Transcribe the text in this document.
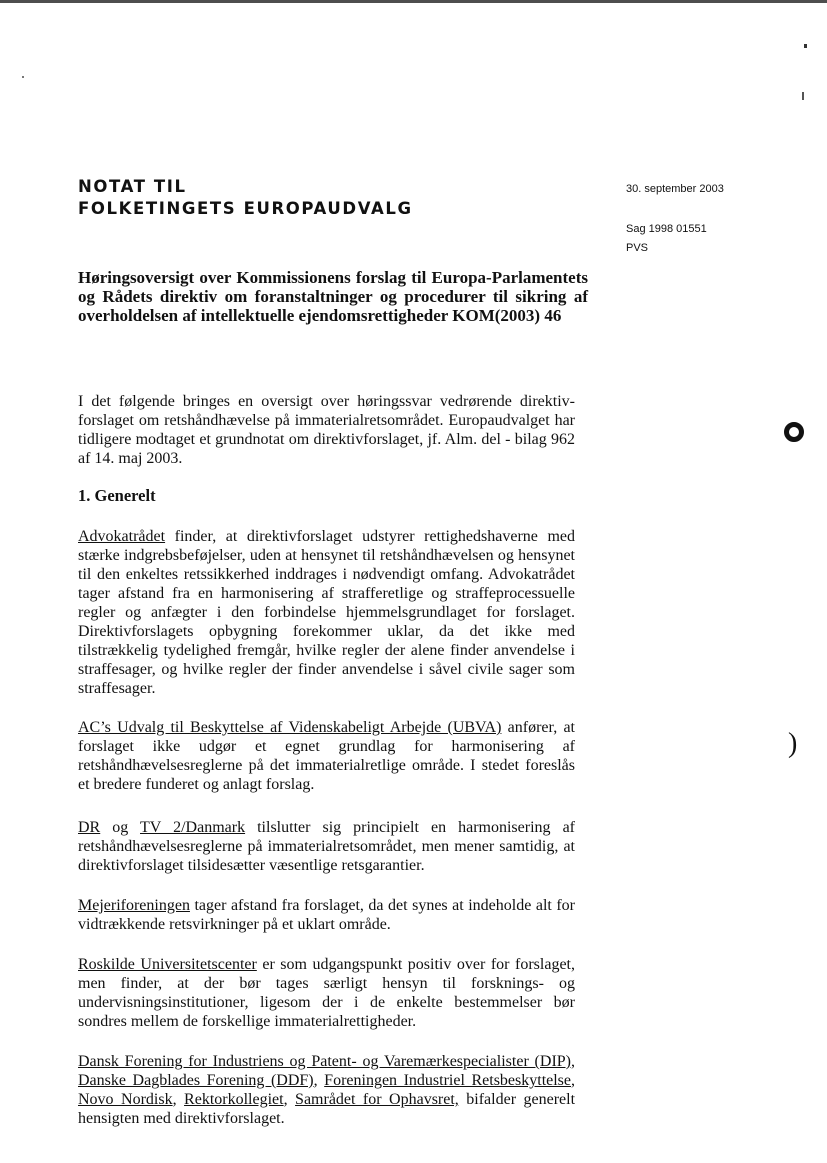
NOTAT TIL
FOLKETINGETS EUROPAUDVALG
30. september 2003
Sag 1998 01551
PVS
Høringsoversigt over Kommissionens forslag til Europa-Parlamentets og Rådets direktiv om foranstaltninger og procedurer til sikring af overholdelsen af intellektuelle ejendomsrettigheder KOM(2003) 46
I det følgende bringes en oversigt over høringssvar vedrørende direktiv-forslaget om retshåndhævelse på immaterialretsområdet. Europaudvalget har tidligere modtaget et grundnotat om direktivforslaget, jf. Alm. del - bilag 962 af 14. maj 2003.
1. Generelt
Advokatrådet finder, at direktivforslaget udstyrer rettighedshaverne med stærke indgrebsbeføjelser, uden at hensynet til retshåndhævelsen og hensynet til den enkeltes retssikkerhed inddrages i nødvendigt omfang. Advokatrådet tager afstand fra en harmonisering af strafferetlige og straffeprocessuelle regler og anfægter i den forbindelse hjemmelsgrundlaget for forslaget. Direktivforslagets opbygning forekommer uklar, da det ikke med tilstrækkelig tydelighed fremgår, hvilke regler der alene finder anvendelse i straffesager, og hvilke regler der finder anvendelse i såvel civile sager som straffesager.
AC’s Udvalg til Beskyttelse af Videnskabeligt Arbejde (UBVA) anfører, at forslaget ikke udgør et egnet grundlag for harmonisering af retshåndhævelsesreglerne på det immaterialretlige område. I stedet foreslås et bredere funderet og anlagt forslag.
DR og TV 2/Danmark tilslutter sig principielt en harmonisering af retshåndhævelsesreglerne på immaterialretsområdet, men mener samtidig, at direktivforslaget tilsidesætter væsentlige retsgarantier.
Mejeriforeningen tager afstand fra forslaget, da det synes at indeholde alt for vidtrækkende retsvirkninger på et uklart område.
Roskilde Universitetscenter er som udgangspunkt positiv over for forslaget, men finder, at der bør tages særligt hensyn til forsknings- og undervisningsinstitutioner, ligesom der i de enkelte bestemmelser bør sondres mellem de forskellige immaterialrettigheder.
Dansk Forening for Industriens og Patent- og Varemærkespecialister (DIP), Danske Dagblades Forening (DDF), Foreningen Industriel Retsbeskyttelse, Novo Nordisk, Rektorkollegiet, Samrådet for Ophavsret, bifalder generelt hensigten med direktivforslaget.
)
